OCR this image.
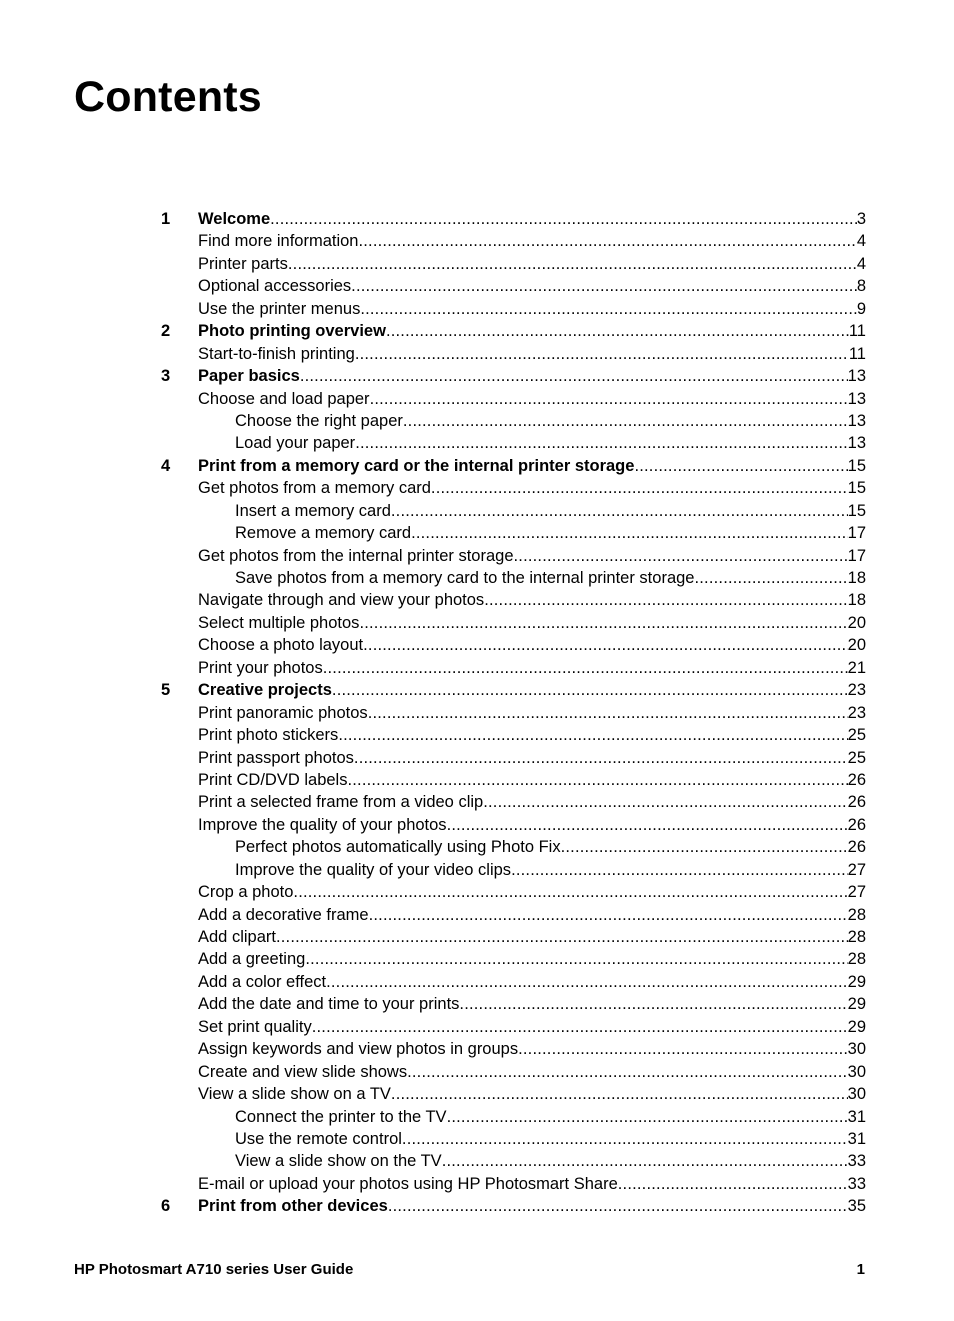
Contents
1	Welcome .....	3
Find more information .....	4
Printer parts .....	4
Optional accessories .....	8
Use the printer menus .....	9
2	Photo printing overview .....	11
Start-to-finish printing .....	11
3	Paper basics .....	13
Choose and load paper .....	13
Choose the right paper .....	13
Load your paper .....	13
4	Print from a memory card or the internal printer storage .....	15
Get photos from a memory card .....	15
Insert a memory card .....	15
Remove a memory card .....	17
Get photos from the internal printer storage .....	17
Save photos from a memory card to the internal printer storage .....	18
Navigate through and view your photos .....	18
Select multiple photos .....	20
Choose a photo layout .....	20
Print your photos .....	21
5	Creative projects .....	23
Print panoramic photos .....	23
Print photo stickers .....	25
Print passport photos .....	25
Print CD/DVD labels .....	26
Print a selected frame from a video clip .....	26
Improve the quality of your photos .....	26
Perfect photos automatically using Photo Fix .....	26
Improve the quality of your video clips .....	27
Crop a photo .....	27
Add a decorative frame .....	28
Add clipart .....	28
Add a greeting .....	28
Add a color effect .....	29
Add the date and time to your prints .....	29
Set print quality .....	29
Assign keywords and view photos in groups .....	30
Create and view slide shows .....	30
View a slide show on a TV .....	30
Connect the printer to the TV .....	31
Use the remote control .....	31
View a slide show on the TV .....	33
E-mail or upload your photos using HP Photosmart Share .....	33
6	Print from other devices .....	35
HP Photosmart A710 series User Guide	1
